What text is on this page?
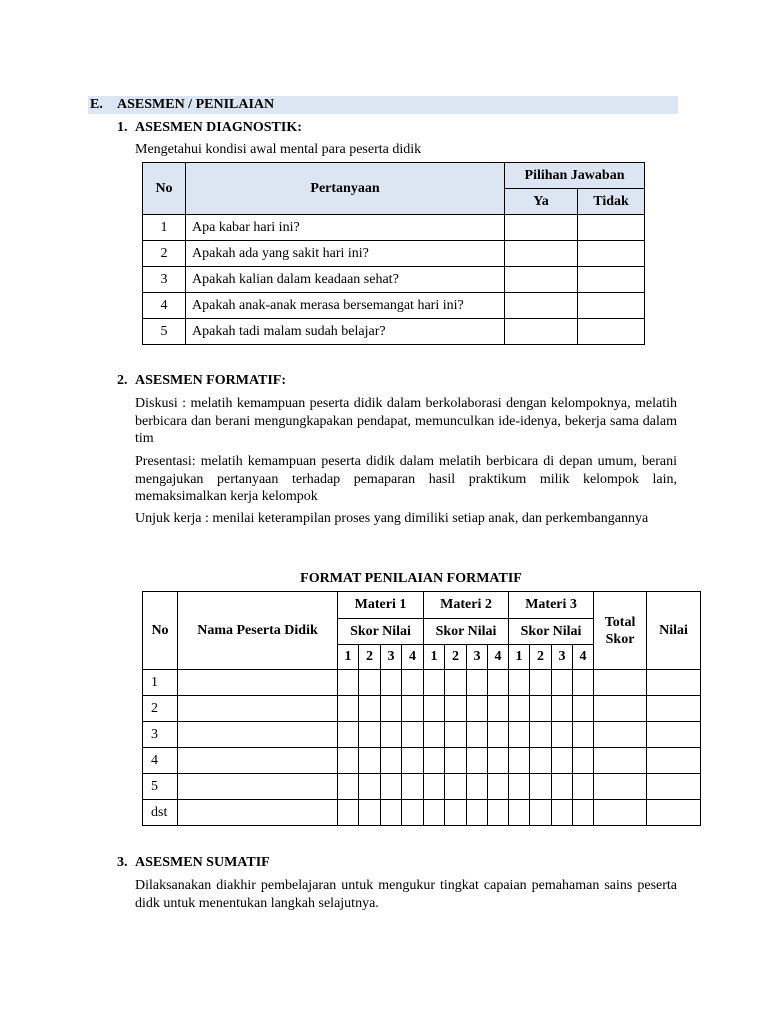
E. ASESMEN / PENILAIAN
1. ASESMEN DIAGNOSTIK:
Mengetahui kondisi awal mental para peserta didik
No	Pertanyaan	Pilihan Jawaban	
		Ya	Tidak
1	Apa kabar hari ini?		
2	Apakah ada yang sakit hari ini?		
3	Apakah kalian dalam keadaan sehat?		
4	Apakah anak-anak merasa bersemangat hari ini?		
5	Apakah tadi malam sudah belajar?		
2. ASESMEN FORMATIF:
Diskusi : melatih kemampuan peserta didik dalam berkolaborasi dengan kelompoknya, melatih berbicara dan berani mengungkapakan pendapat, memunculkan ide-idenya, bekerja sama dalam tim
Presentasi: melatih kemampuan peserta didik dalam melatih berbicara di depan umum, berani mengajukan pertanyaan terhadap pemaparan hasil praktikum milik kelompok lain, memaksimalkan kerja kelompok
Unjuk kerja : menilai keterampilan proses yang dimiliki setiap anak, dan perkembangannya
FORMAT PENILAIAN FORMATIF
No	Nama Peserta Didik	Materi 1				Materi 2				Materi 3				Total Skor	Nilai
		Skor Nilai				Skor Nilai				Skor Nilai					
		1	2	3	4	1	2	3	4	1	2	3	4		
1															
2															
3															
4															
5															
dst															
3. ASESMEN SUMATIF
Dilaksanakan diakhir pembelajaran untuk mengukur tingkat capaian pemahaman sains peserta didk untuk menentukan langkah selajutnya.
